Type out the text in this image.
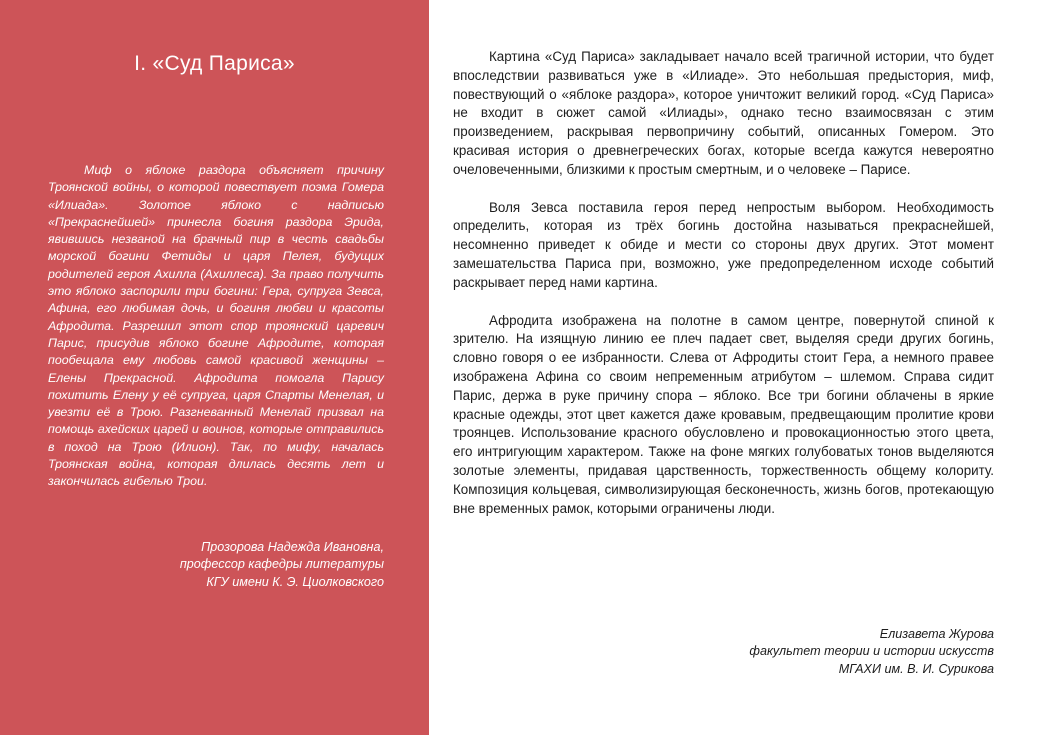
I. «Суд Париса»

Миф о яблоке раздора объясняет причину Троянской войны, о которой повествует поэма Гомера «Илиада». Золотое яблоко с надписью «Прекраснейшей» принесла богиня раздора Эрида, явившись незваной на брачный пир в честь свадьбы морской богини Фетиды и царя Пелея, будущих родителей героя Ахилла (Ахиллеса). За право получить это яблоко заспорили три богини: Гера, супруга Зевса, Афина, его любимая дочь, и богиня любви и красоты Афродита. Разрешил этот спор троянский царевич Парис, присудив яблоко богине Афродите, которая пообещала ему любовь самой красивой женщины – Елены Прекрасной. Афродита помогла Парису похитить Елену у её супруга, царя Спарты Менелая, и увезти её в Трою. Разгневанный Менелай призвал на помощь ахейских царей и воинов, которые отправились в поход на Трою (Илион). Так, по мифу, началась Троянская война, которая длилась десять лет и закончилась гибелью Трои.

Прозорова Надежда Ивановна,
профессор кафедры литературы
КГУ имени К. Э. Циолковского

Картина «Суд Париса» закладывает начало всей трагичной истории, что будет впоследствии развиваться уже в «Илиаде». Это небольшая предыстория, миф, повествующий о «яблоке раздора», которое уничтожит великий город. «Суд Париса» не входит в сюжет самой «Илиады», однако тесно взаимосвязан с этим произведением, раскрывая первопричину событий, описанных Гомером. Это красивая история о древнегреческих богах, которые всегда кажутся невероятно очеловеченными, близкими к простым смертным, и о человеке – Парисе.

Воля Зевса поставила героя перед непростым выбором. Необходимость определить, которая из трёх богинь достойна называться прекраснейшей, несомненно приведет к обиде и мести со стороны двух других. Этот момент замешательства Париса при, возможно, уже предопределенном исходе событий раскрывает перед нами картина.

Афродита изображена на полотне в самом центре, повернутой спиной к зрителю. На изящную линию ее плеч падает свет, выделяя среди других богинь, словно говоря о ее избранности. Слева от Афродиты стоит Гера, а немного правее изображена Афина со своим непременным атрибутом – шлемом. Справа сидит Парис, держа в руке причину спора – яблоко. Все три богини облачены в яркие красные одежды, этот цвет кажется даже кровавым, предвещающим пролитие крови троянцев. Использование красного обусловлено и провокационностью этого цвета, его интригующим характером. Также на фоне мягких голубоватых тонов выделяются золотые элементы, придавая царственность, торжественность общему колориту. Композиция кольцевая, символизирующая бесконечность, жизнь богов, протекающую вне временных рамок, которыми ограничены люди.

Елизавета Журова
факультет теории и истории искусств
МГАХИ им. В. И. Сурикова
